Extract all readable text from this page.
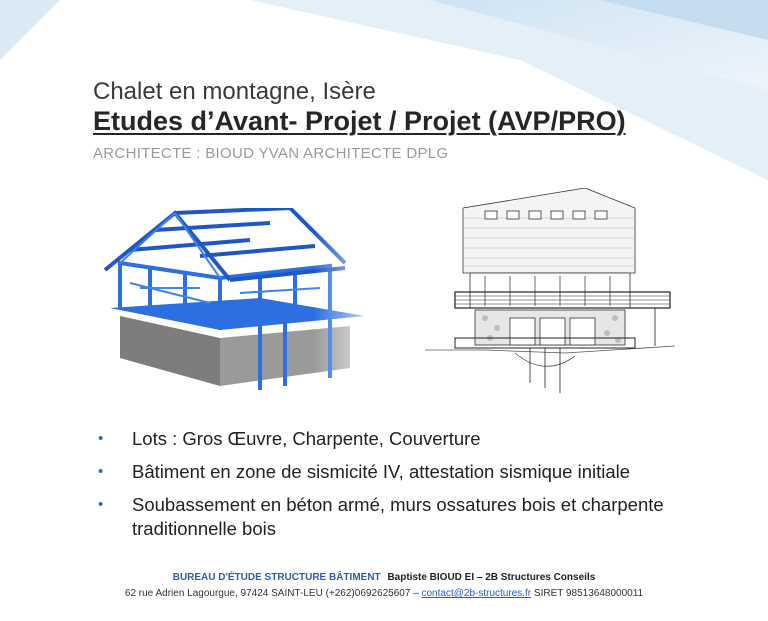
Chalet en montagne, Isère
Etudes d’Avant- Projet / Projet (AVP/PRO)
ARCHITECTE : BIOUD YVAN ARCHITECTE DPLG
• Lots : Gros Œuvre, Charpente, Couverture
• Bâtiment en zone de sismicité IV, attestation sismique initiale
• Soubassement en béton armé, murs ossatures bois et charpente traditionnelle bois
BUREAU D'ÉTUDE STRUCTURE BÂTIMENT Baptiste BIOUD EI – 2B Structures Conseils
62 rue Adrien Lagourgue, 97424 SAINT-LEU (+262)0692625607 – contact@2b-structures.fr SIRET 98513648000011
